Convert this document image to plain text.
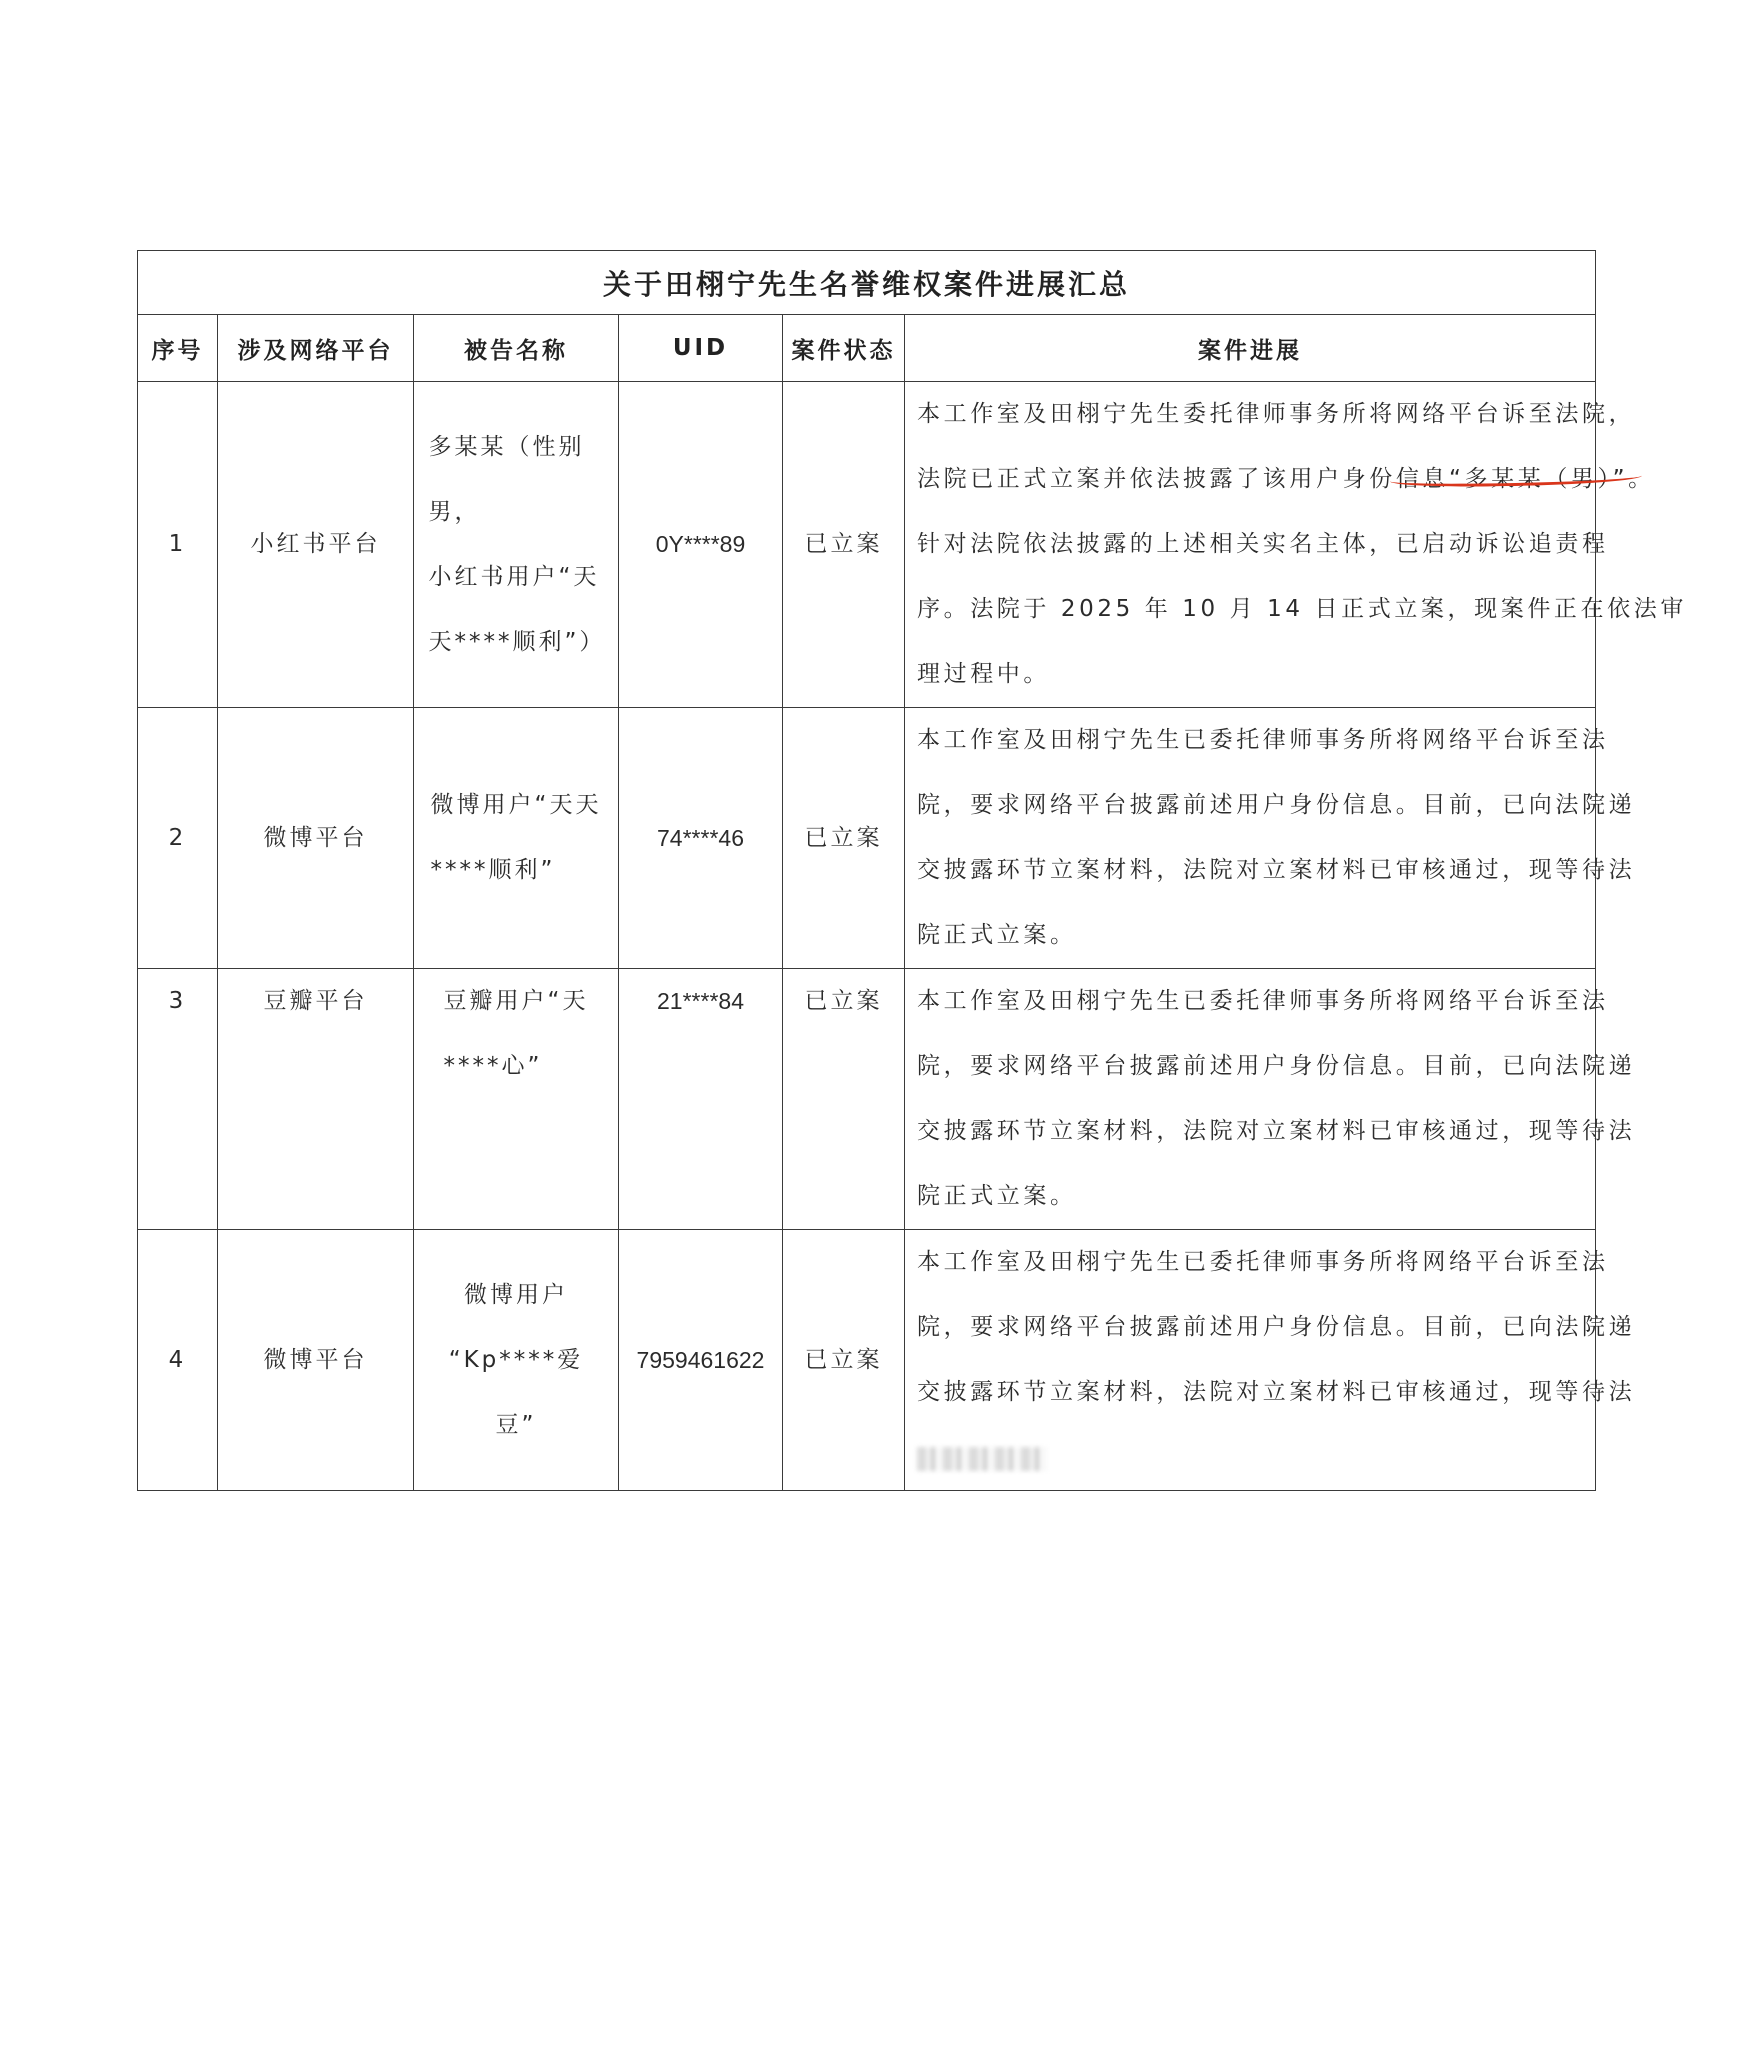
关于田栩宁先生名誉维权案件进展汇总					
序号	涉及网络平台	被告名称	UID	案件状态	案件进展
1	小红书平台	多某某（性别男，
小红书用户“天
天****顺利”）	0Y****89	已立案	本工作室及田栩宁先生委托律师事务所将网络平台诉至法院，
法院已正式立案并依法披露了该用户身份信息“多某某（男）”。
针对法院依法披露的上述相关实名主体，已启动诉讼追责程
序。法院于 2025 年 10 月 14 日正式立案，现案件正在依法审
理过程中。

2	微博平台	微博用户“天天
****顺利”	74****46	已立案	本工作室及田栩宁先生已委托律师事务所将网络平台诉至法
院，要求网络平台披露前述用户身份信息。目前，已向法院递
交披露环节立案材料，法院对立案材料已审核通过，现等待法
院正式立案。

3	豆瓣平台	豆瓣用户“天
****心”	21****84	已立案	本工作室及田栩宁先生已委托律师事务所将网络平台诉至法
院，要求网络平台披露前述用户身份信息。目前，已向法院递
交披露环节立案材料，法院对立案材料已审核通过，现等待法
院正式立案。

4	微博平台	微博用户
“Kp****爱豆”	7959461622	已立案	本工作室及田栩宁先生已委托律师事务所将网络平台诉至法
院，要求网络平台披露前述用户身份信息。目前，已向法院递
交披露环节立案材料，法院对立案材料已审核通过，现等待法
